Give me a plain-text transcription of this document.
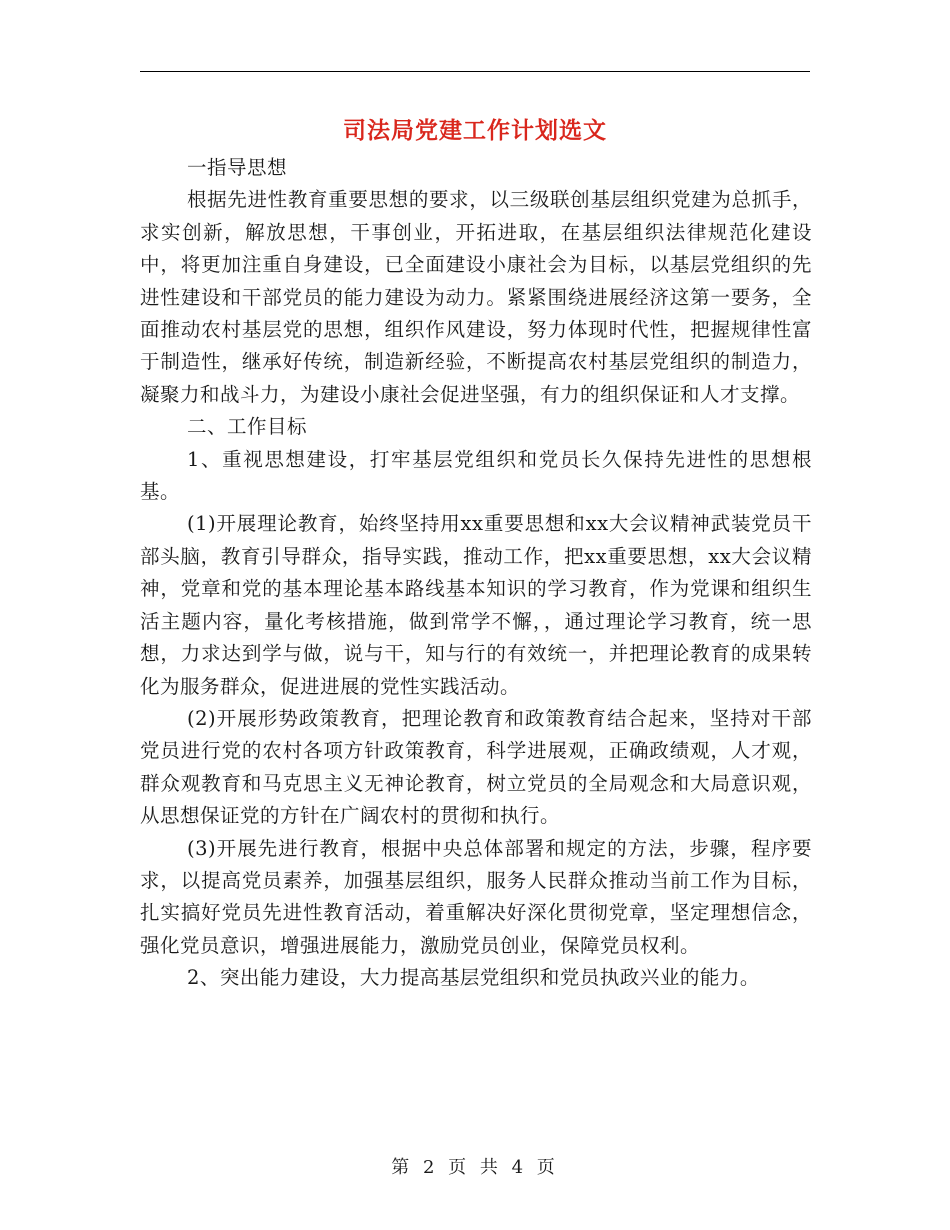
司法局党建工作计划选文

一指导思想

根据先进性教育重要思想的要求，以三级联创基层组织党建为总抓手，求实创新，解放思想，干事创业，开拓进取，在基层组织法律规范化建设中，将更加注重自身建设，已全面建设小康社会为目标，以基层党组织的先进性建设和干部党员的能力建设为动力。紧紧围绕进展经济这第一要务，全面推动农村基层党的思想，组织作风建设，努力体现时代性，把握规律性富于制造性，继承好传统，制造新经验，不断提高农村基层党组织的制造力，凝聚力和战斗力，为建设小康社会促进坚强，有力的组织保证和人才支撑。

二、工作目标

1、重视思想建设，打牢基层党组织和党员长久保持先进性的思想根基。

(1)开展理论教育，始终坚持用xx重要思想和xx大会议精神武装党员干部头脑，教育引导群众，指导实践，推动工作，把xx重要思想，xx大会议精神，党章和党的基本理论基本路线基本知识的学习教育，作为党课和组织生活主题内容，量化考核措施，做到常学不懈，，通过理论学习教育，统一思想，力求达到学与做，说与干，知与行的有效统一，并把理论教育的成果转化为服务群众，促进进展的党性实践活动。

(2)开展形势政策教育，把理论教育和政策教育结合起来，坚持对干部党员进行党的农村各项方针政策教育，科学进展观，正确政绩观，人才观，群众观教育和马克思主义无神论教育，树立党员的全局观念和大局意识观，从思想保证党的方针在广阔农村的贯彻和执行。

(3)开展先进行教育，根据中央总体部署和规定的方法，步骤，程序要求，以提高党员素养，加强基层组织，服务人民群众推动当前工作为目标，扎实搞好党员先进性教育活动，着重解决好深化贯彻党章，坚定理想信念，强化党员意识，增强进展能力，激励党员创业，保障党员权利。

2、突出能力建设，大力提高基层党组织和党员执政兴业的能力。

第 2 页 共 4 页
